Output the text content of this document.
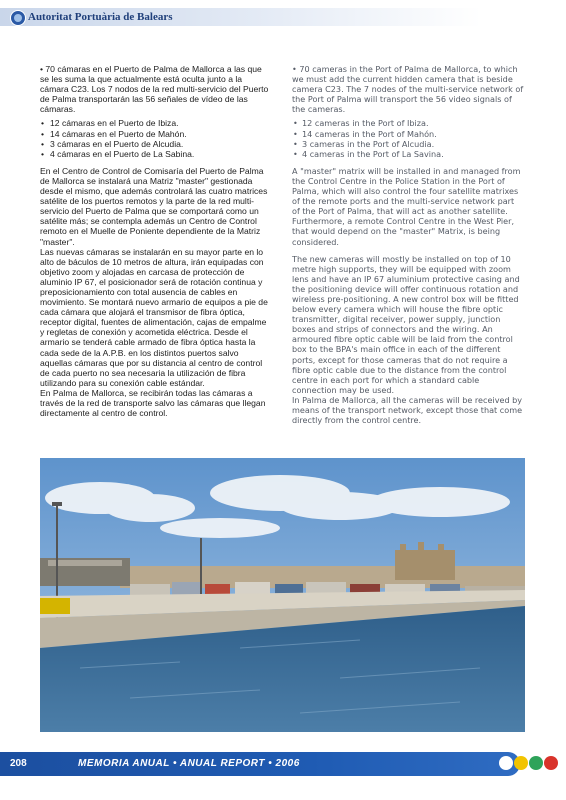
Autoritat Portuària de Balears

• 70 cámaras en el Puerto de Palma de Mallorca a las que se les suma la que actualmente está oculta junto a la cámara C23. Los 7 nodos de la red multi-servicio del Puerto de Palma transportarán las 56 señales de vídeo de las cámaras.

• 12 cámaras en el Puerto de Ibiza.
• 14 cámaras en el Puerto de Mahón.
• 3 cámaras en el Puerto de Alcudia.
• 4 cámaras en el Puerto de La Sabina.

En el Centro de Control de Comisaría del Puerto de Palma de Mallorca se instalará una Matriz "master" gestionada desde el mismo, que además controlará las cuatro matrices satélite de los puertos remotos y la parte de la red multi-servicio del Puerto de Palma que se comportará como un satélite más; se contempla además un Centro de Control remoto en el Muelle de Poniente dependiente de la Matriz "master".

Las nuevas cámaras se instalarán en su mayor parte en lo alto de báculos de 10 metros de altura, irán equipadas con objetivo zoom y alojadas en carcasa de protección de aluminio IP 67, el posicionador será de rotación continua y preposicionamiento con total ausencia de cables en movimiento. Se montará nuevo armario de equipos a pie de cada cámara que alojará el transmisor de fibra óptica, receptor digital, fuentes de alimentación, cajas de empalme y regletas de conexión y acometida eléctrica. Desde el armario se tenderá cable armado de fibra óptica hasta la cada sede de la A.P.B. en los distintos puertos salvo aquellas cámaras que por su distancia al centro de control de cada puerto no sea necesaria la utilización de fibra utilizando para su conexión cable estándar.

En Palma de Mallorca, se recibirán todas las cámaras a través de la red de transporte salvo las cámaras que llegan directamente al centro de control.

• 70 cameras in the Port of Palma de Mallorca, to which we must add the current hidden camera that is beside camera C23. The 7 nodes of the multi-service network of the Port of Palma will transport the 56 video signals of the cameras.

• 12 cameras in the Port of Ibiza.
• 14 cameras in the Port of Mahón.
• 3 cameras in the Port of Alcudia.
• 4 cameras in the Port of La Savina.

A "master" matrix will be installed in and managed from the Control Centre in the Police Station in the Port of Palma, which will also control the four satellite matrixes of the remote ports and the multi-service network part of the Port of Palma, that will act as another satellite. Furthermore, a remote Control Centre in the West Pier, that would depend on the "master" Matrix, is being considered.

The new cameras will mostly be installed on top of 10 metre high supports, they will be equipped with zoom lens and have an IP 67 aluminium protective casing and the positioning device will offer continuous rotation and wireless pre-positioning. A new control box will be fitted below every camera which will house the fibre optic transmitter, digital receiver, power supply, junction boxes and strips of connectors and the wiring. An armoured fibre optic cable will be laid from the control box to the BPA's main office in each of the different ports, except for those cameras that do not require a fibre optic cable due to the distance from the control centre in each port for which a standard cable connection may be used.

In Palma de Mallorca, all the cameras will be received by means of the transport network, except those that come directly from the control centre.

208	MEMORIA ANUAL • ANUAL REPORT • 2006
